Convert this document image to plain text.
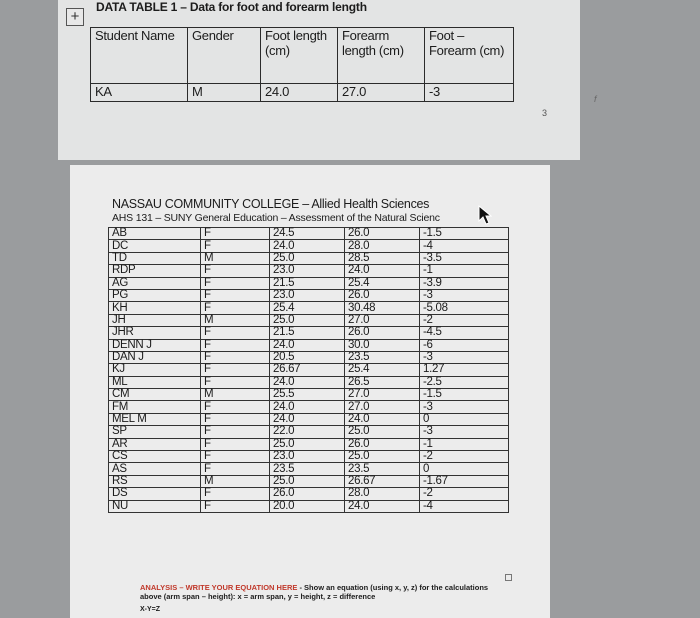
+
DATA TABLE 1 – Data for foot and forearm length
Student Name	Gender	Foot length (cm)	Forearm length (cm)	Foot – Forearm (cm)
KA	M	24.0	27.0	-3
3
f
NASSAU COMMUNITY COLLEGE – Allied Health Sciences
AHS 131 – SUNY General Education – Assessment of the Natural Scienc
AB	F	24.5	26.0	-1.5
DC	F	24.0	28.0	-4
TD	M	25.0	28.5	-3.5
RDP	F	23.0	24.0	-1
AG	F	21.5	25.4	-3.9
PG	F	23.0	26.0	-3
KH	F	25.4	30.48	-5.08
JH	M	25.0	27.0	-2
JHR	F	21.5	26.0	-4.5
DENN J	F	24.0	30.0	-6
DAN J	F	20.5	23.5	-3
KJ	F	26.67	25.4	1.27
ML	F	24.0	26.5	-2.5
CM	M	25.5	27.0	-1.5
FM	F	24.0	27.0	-3
MEL M	F	24.0	24.0	0
SP	F	22.0	25.0	-3
AR	F	25.0	26.0	-1
CS	F	23.0	25.0	-2
AS	F	23.5	23.5	0
RS	M	25.0	26.67	-1.67
DS	F	26.0	28.0	-2
NU	F	20.0	24.0	-4
ANALYSIS – WRITE YOUR EQUATION HERE - Show an equation (using x, y, z) for the calculations above (arm span – height): x = arm span, y = height, z = difference
X-Y=Z
